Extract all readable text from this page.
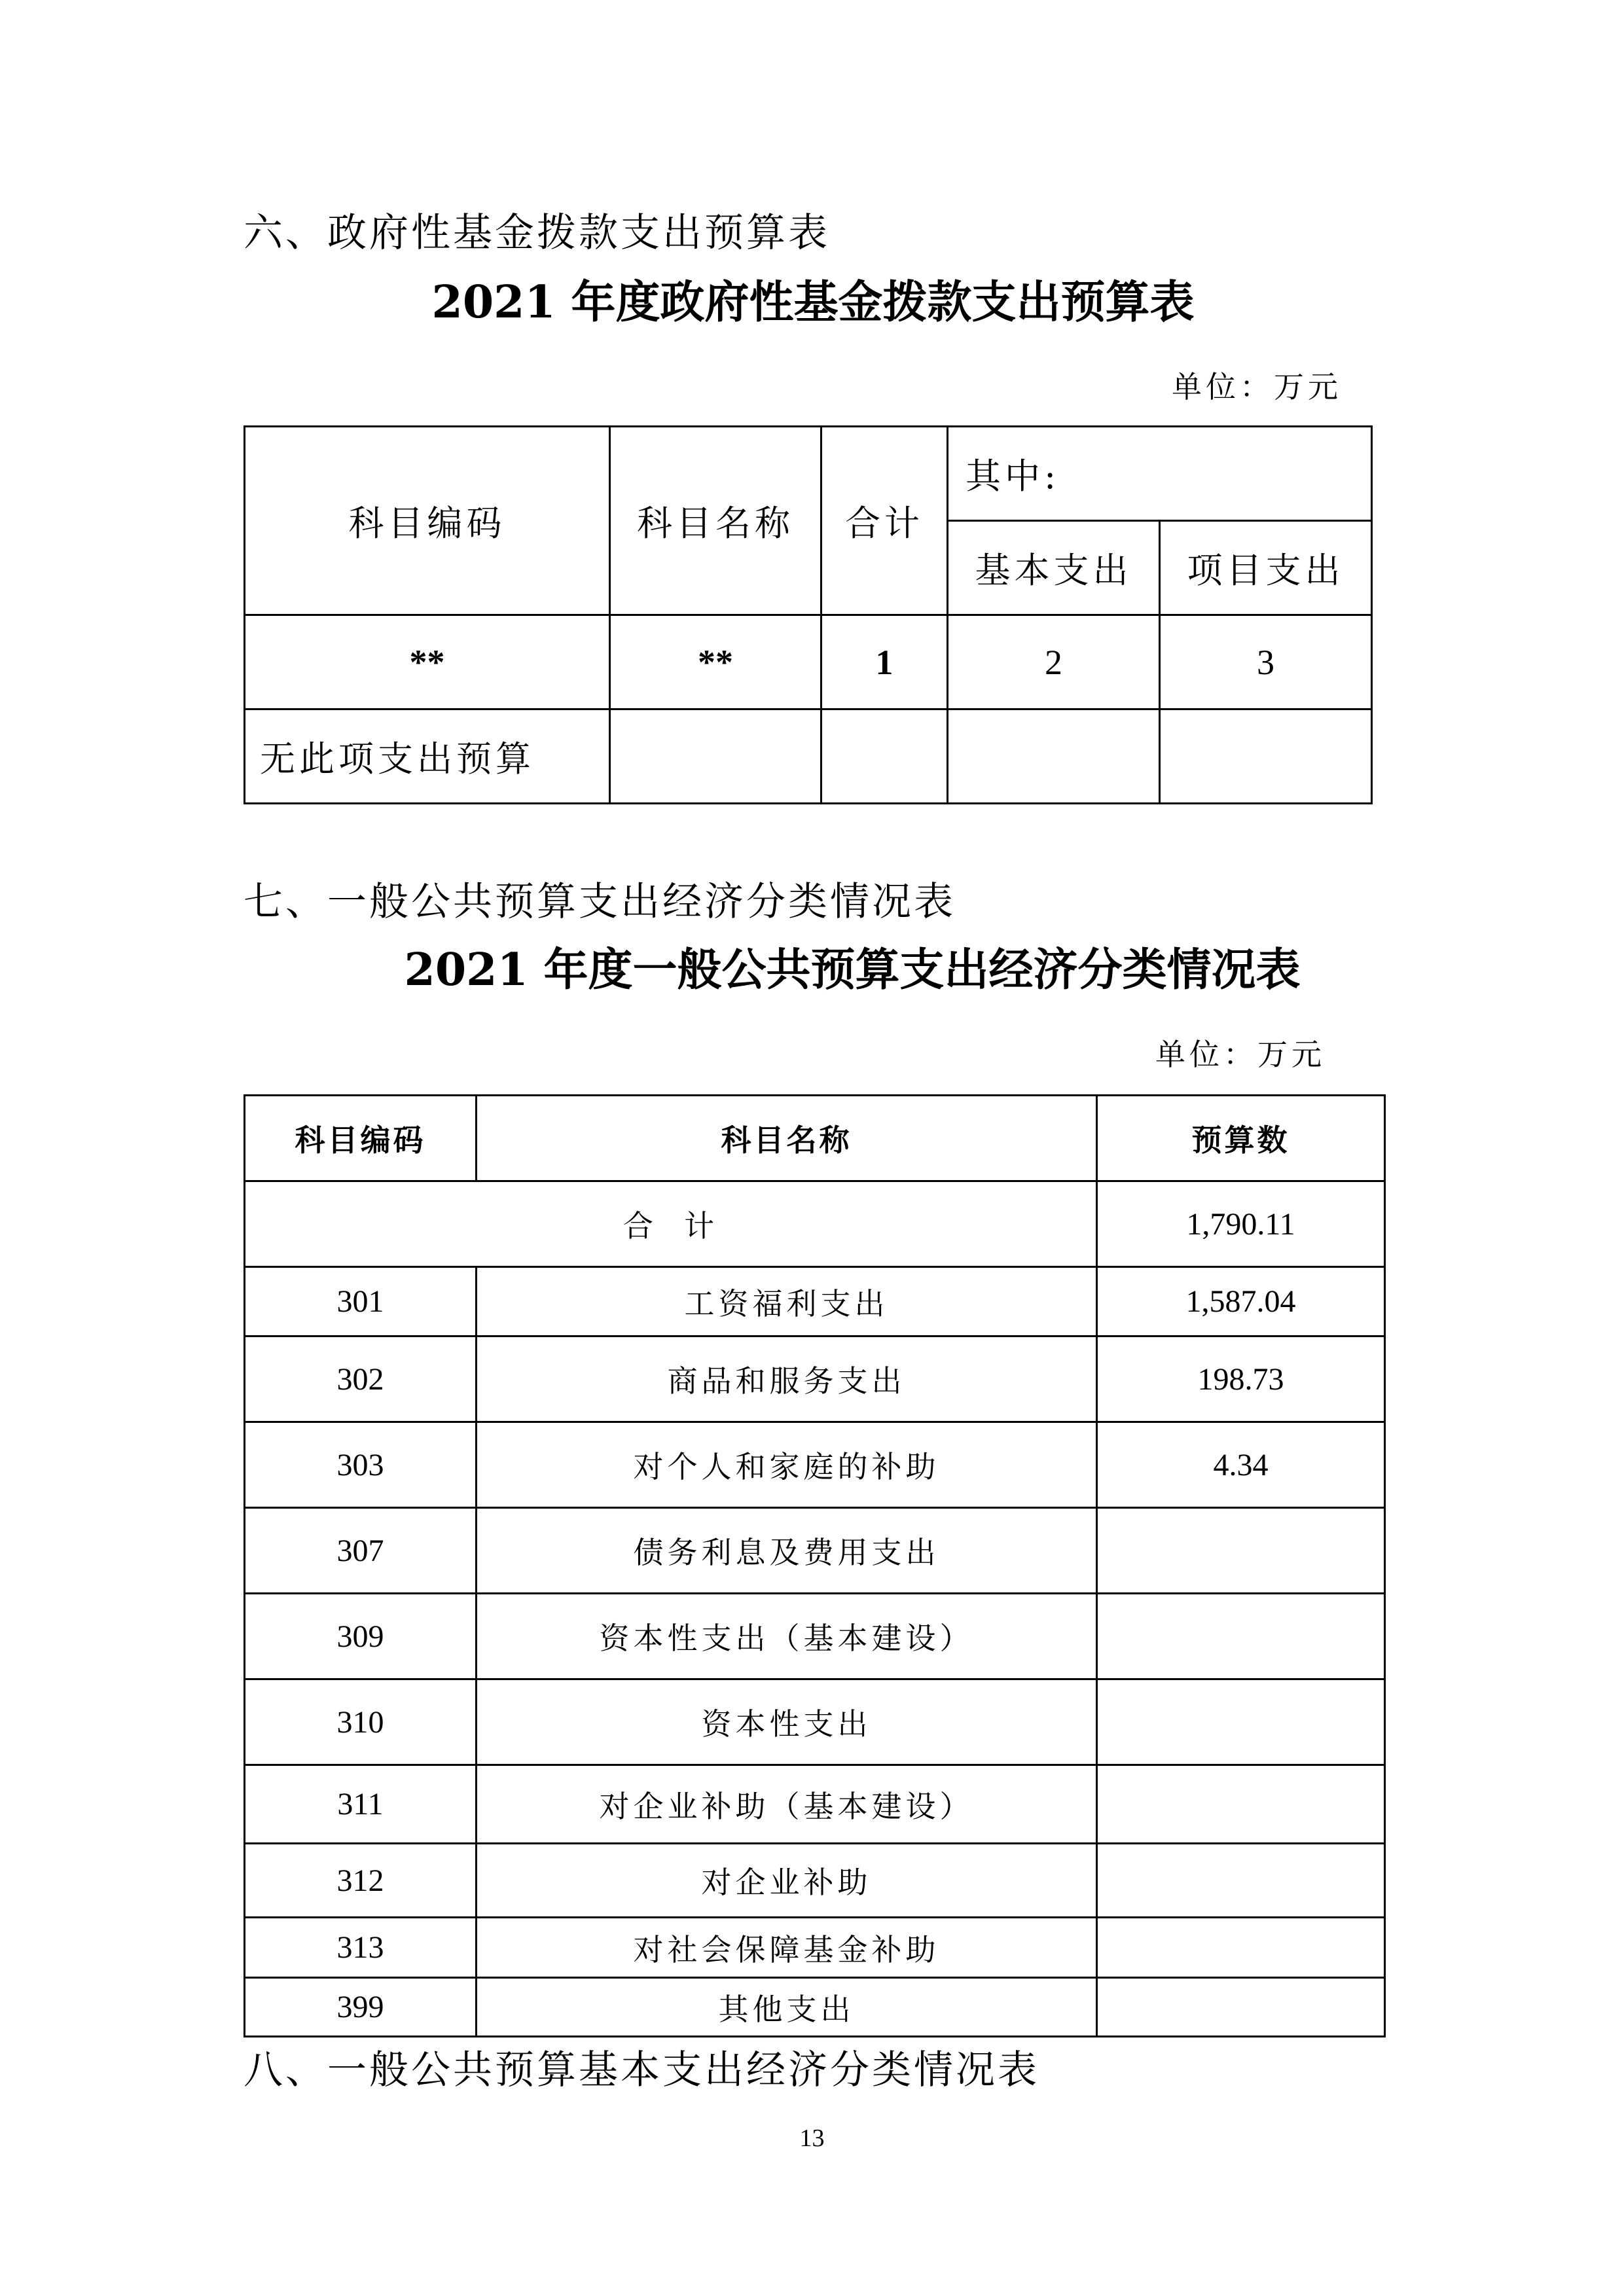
六、政府性基金拨款支出预算表
2021 年度政府性基金拨款支出预算表
单位：万元
科目编码	科目名称	合计	其中:	
			基本支出	项目支出
**	**	1	2	3
无此项支出预算				
七、一般公共预算支出经济分类情况表
2021 年度一般公共预算支出经济分类情况表
单位：万元
科目编码	科目名称	预算数
合  计		1,790.11
301	工资福利支出	1,587.04
302	商品和服务支出	198.73
303	对个人和家庭的补助	4.34
307	债务利息及费用支出	
309	资本性支出（基本建设）	
310	资本性支出	
311	对企业补助（基本建设）	
312	对企业补助	
313	对社会保障基金补助	
399	其他支出	
八、一般公共预算基本支出经济分类情况表
13
